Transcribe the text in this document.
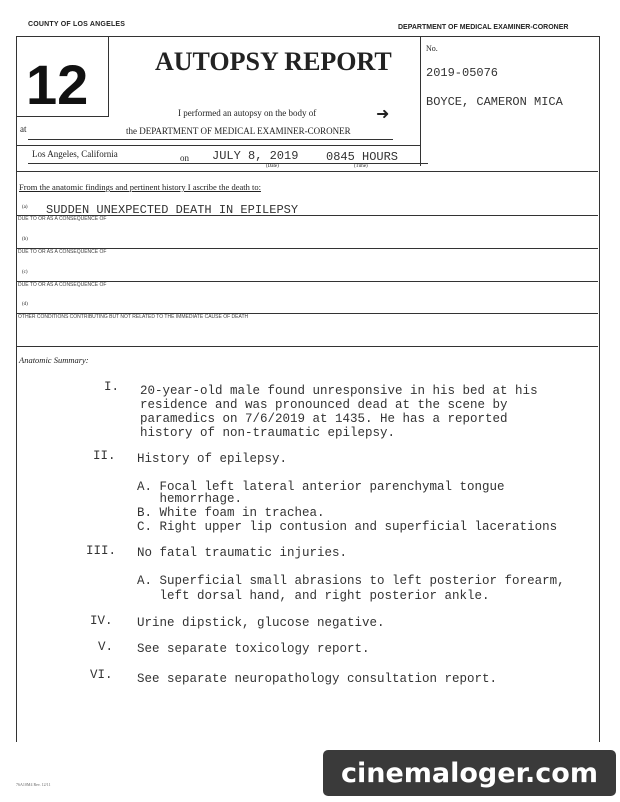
COUNTY OF LOS ANGELES	DEPARTMENT OF MEDICAL EXAMINER-CORONER
12	AUTOPSY REPORT	No.
2019-05076
BOYCE, CAMERON MICA
I performed an autopsy on the body of	➜
at	the DEPARTMENT OF MEDICAL EXAMINER-CORONER
Los Angeles, California	on JULY 8, 2019 0845 HOURS
(Date)	(Time)
From the anatomic findings and pertinent history I ascribe the death to:
(a) SUDDEN UNEXPECTED DEATH IN EPILEPSY
DUE TO OR AS A CONSEQUENCE OF
(b)
DUE TO OR AS A CONSEQUENCE OF
(c)
DUE TO OR AS A CONSEQUENCE OF
(d)
OTHER CONDITIONS CONTRIBUTING BUT NOT RELATED TO THE IMMEDIATE CAUSE OF DEATH
Anatomic Summary:
I. 20-year-old male found unresponsive in his bed at his
residence and was pronounced dead at the scene by
paramedics on 7/6/2019 at 1435. He has a reported
history of non-traumatic epilepsy.
II. History of epilepsy.
A. Focal left lateral anterior parenchymal tongue
hemorrhage.
B. White foam in trachea.
C. Right upper lip contusion and superficial lacerations
III. No fatal traumatic injuries.
A. Superficial small abrasions to left posterior forearm,
left dorsal hand, and right posterior ankle.
IV. Urine dipstick, glucose negative.
V. See separate toxicology report.
VI. See separate neuropathology consultation report.
76A10M4 Rev. 12/11	cinemaloger.com
